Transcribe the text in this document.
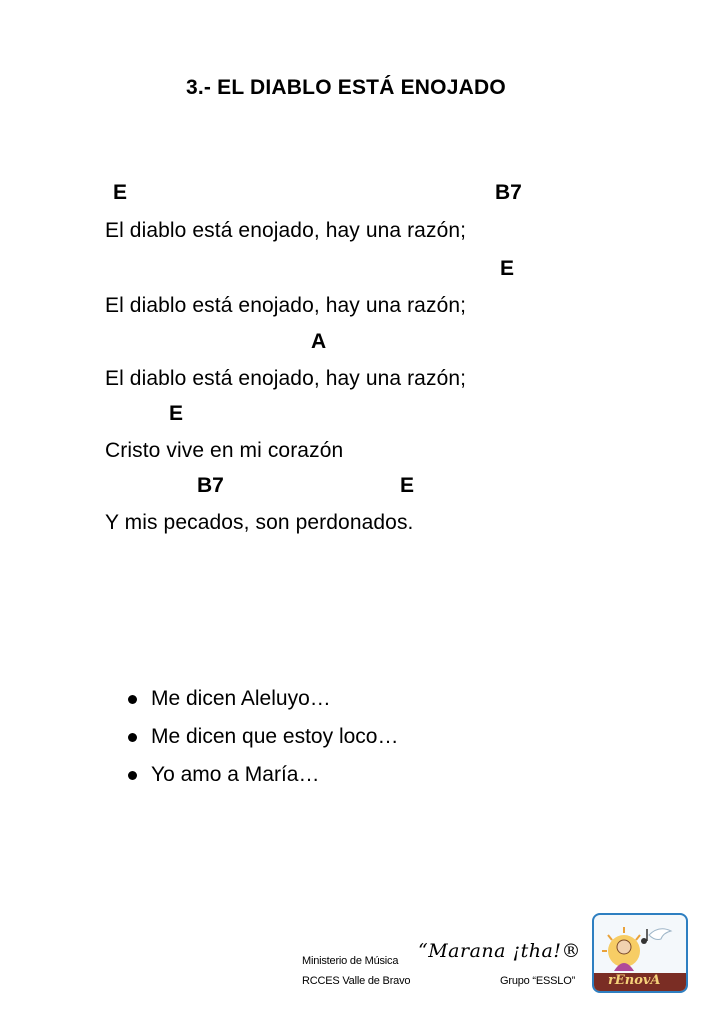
3.- EL DIABLO ESTÁ ENOJADO
E	B7
El diablo está enojado, hay una razón;
E
El diablo está enojado, hay una razón;
A
El diablo está enojado, hay una razón;
E
Cristo vive en mi corazón
B7	E
Y mis pecados, son perdonados.
Me dicen Aleluyo…
Me dicen que estoy loco…
Yo amo a María…
Ministerio de Música “Marana ¡tha!®
RCCES Valle de Bravo	Grupo “ESSLO”	rEnovA
